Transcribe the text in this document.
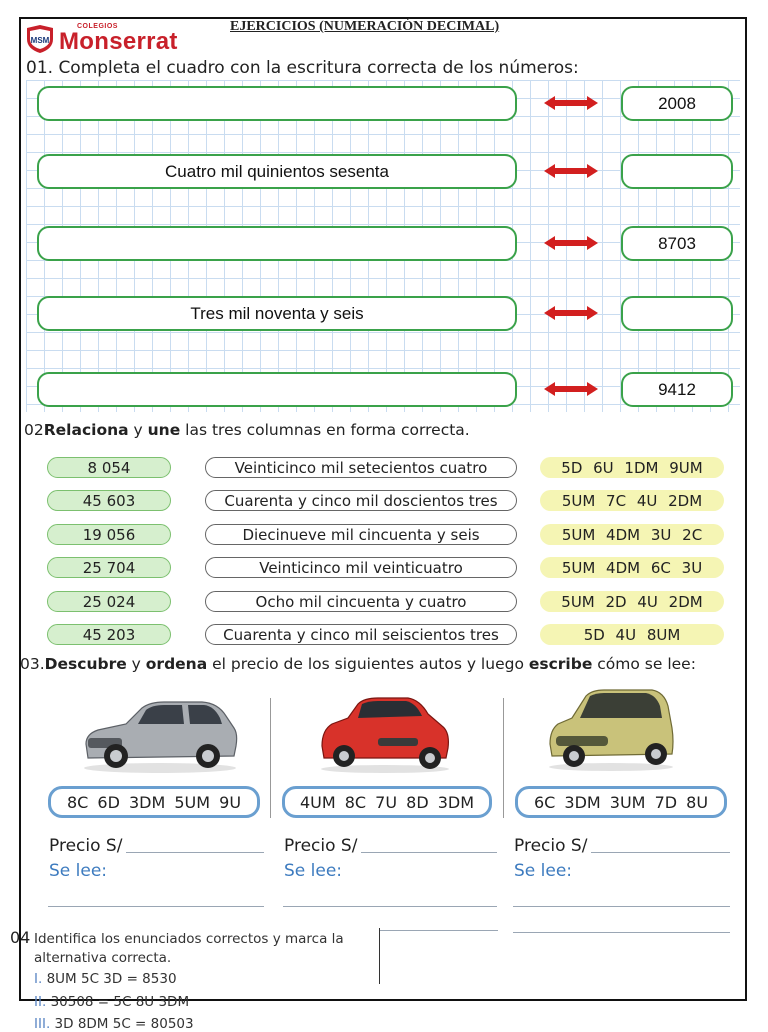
MSM
COLEGIOS
Monserrat
EJERCICIOS (NUMERACIÓN DECIMAL)
01. Completa el cuadro con la escritura correcta de los números:
Cuatro mil quinientos sesenta
Tres mil noventa y seis
2008
8703
9412
02Relaciona y une las tres columnas en forma correcta.
8 054
45 603
19 056
25 704
25 024
45 203
Veinticinco mil setecientos cuatro
Cuarenta y cinco mil doscientos tres
Diecinueve mil cincuenta y seis
Veinticinco mil veinticuatro
Ocho mil cincuenta y cuatro
Cuarenta y cinco mil seiscientos tres
5D 6U 1DM 9UM
5UM 7C 4U 2DM
5UM 4DM 3U 2C
5UM 4DM 6C 3U
5UM 2D 4U 2DM
5D 4U 8UM
03.Descubre y ordena el precio de los siguientes autos y luego escribe cómo se lee:
8C 6D 3DM 5UM 9U	4UM 8C 7U 8D 3DM	6C 3DM 3UM 7D 8U
Precio S/
Se lee:
Precio S/
Se lee:
Precio S/
Se lee:
04 Identifica los enunciados correctos y marca la
alternativa correcta.
I. 8UM 5C 3D = 8530
II. 30508 = 5C 8U 3DM
III. 3D 8DM 5C = 80503
